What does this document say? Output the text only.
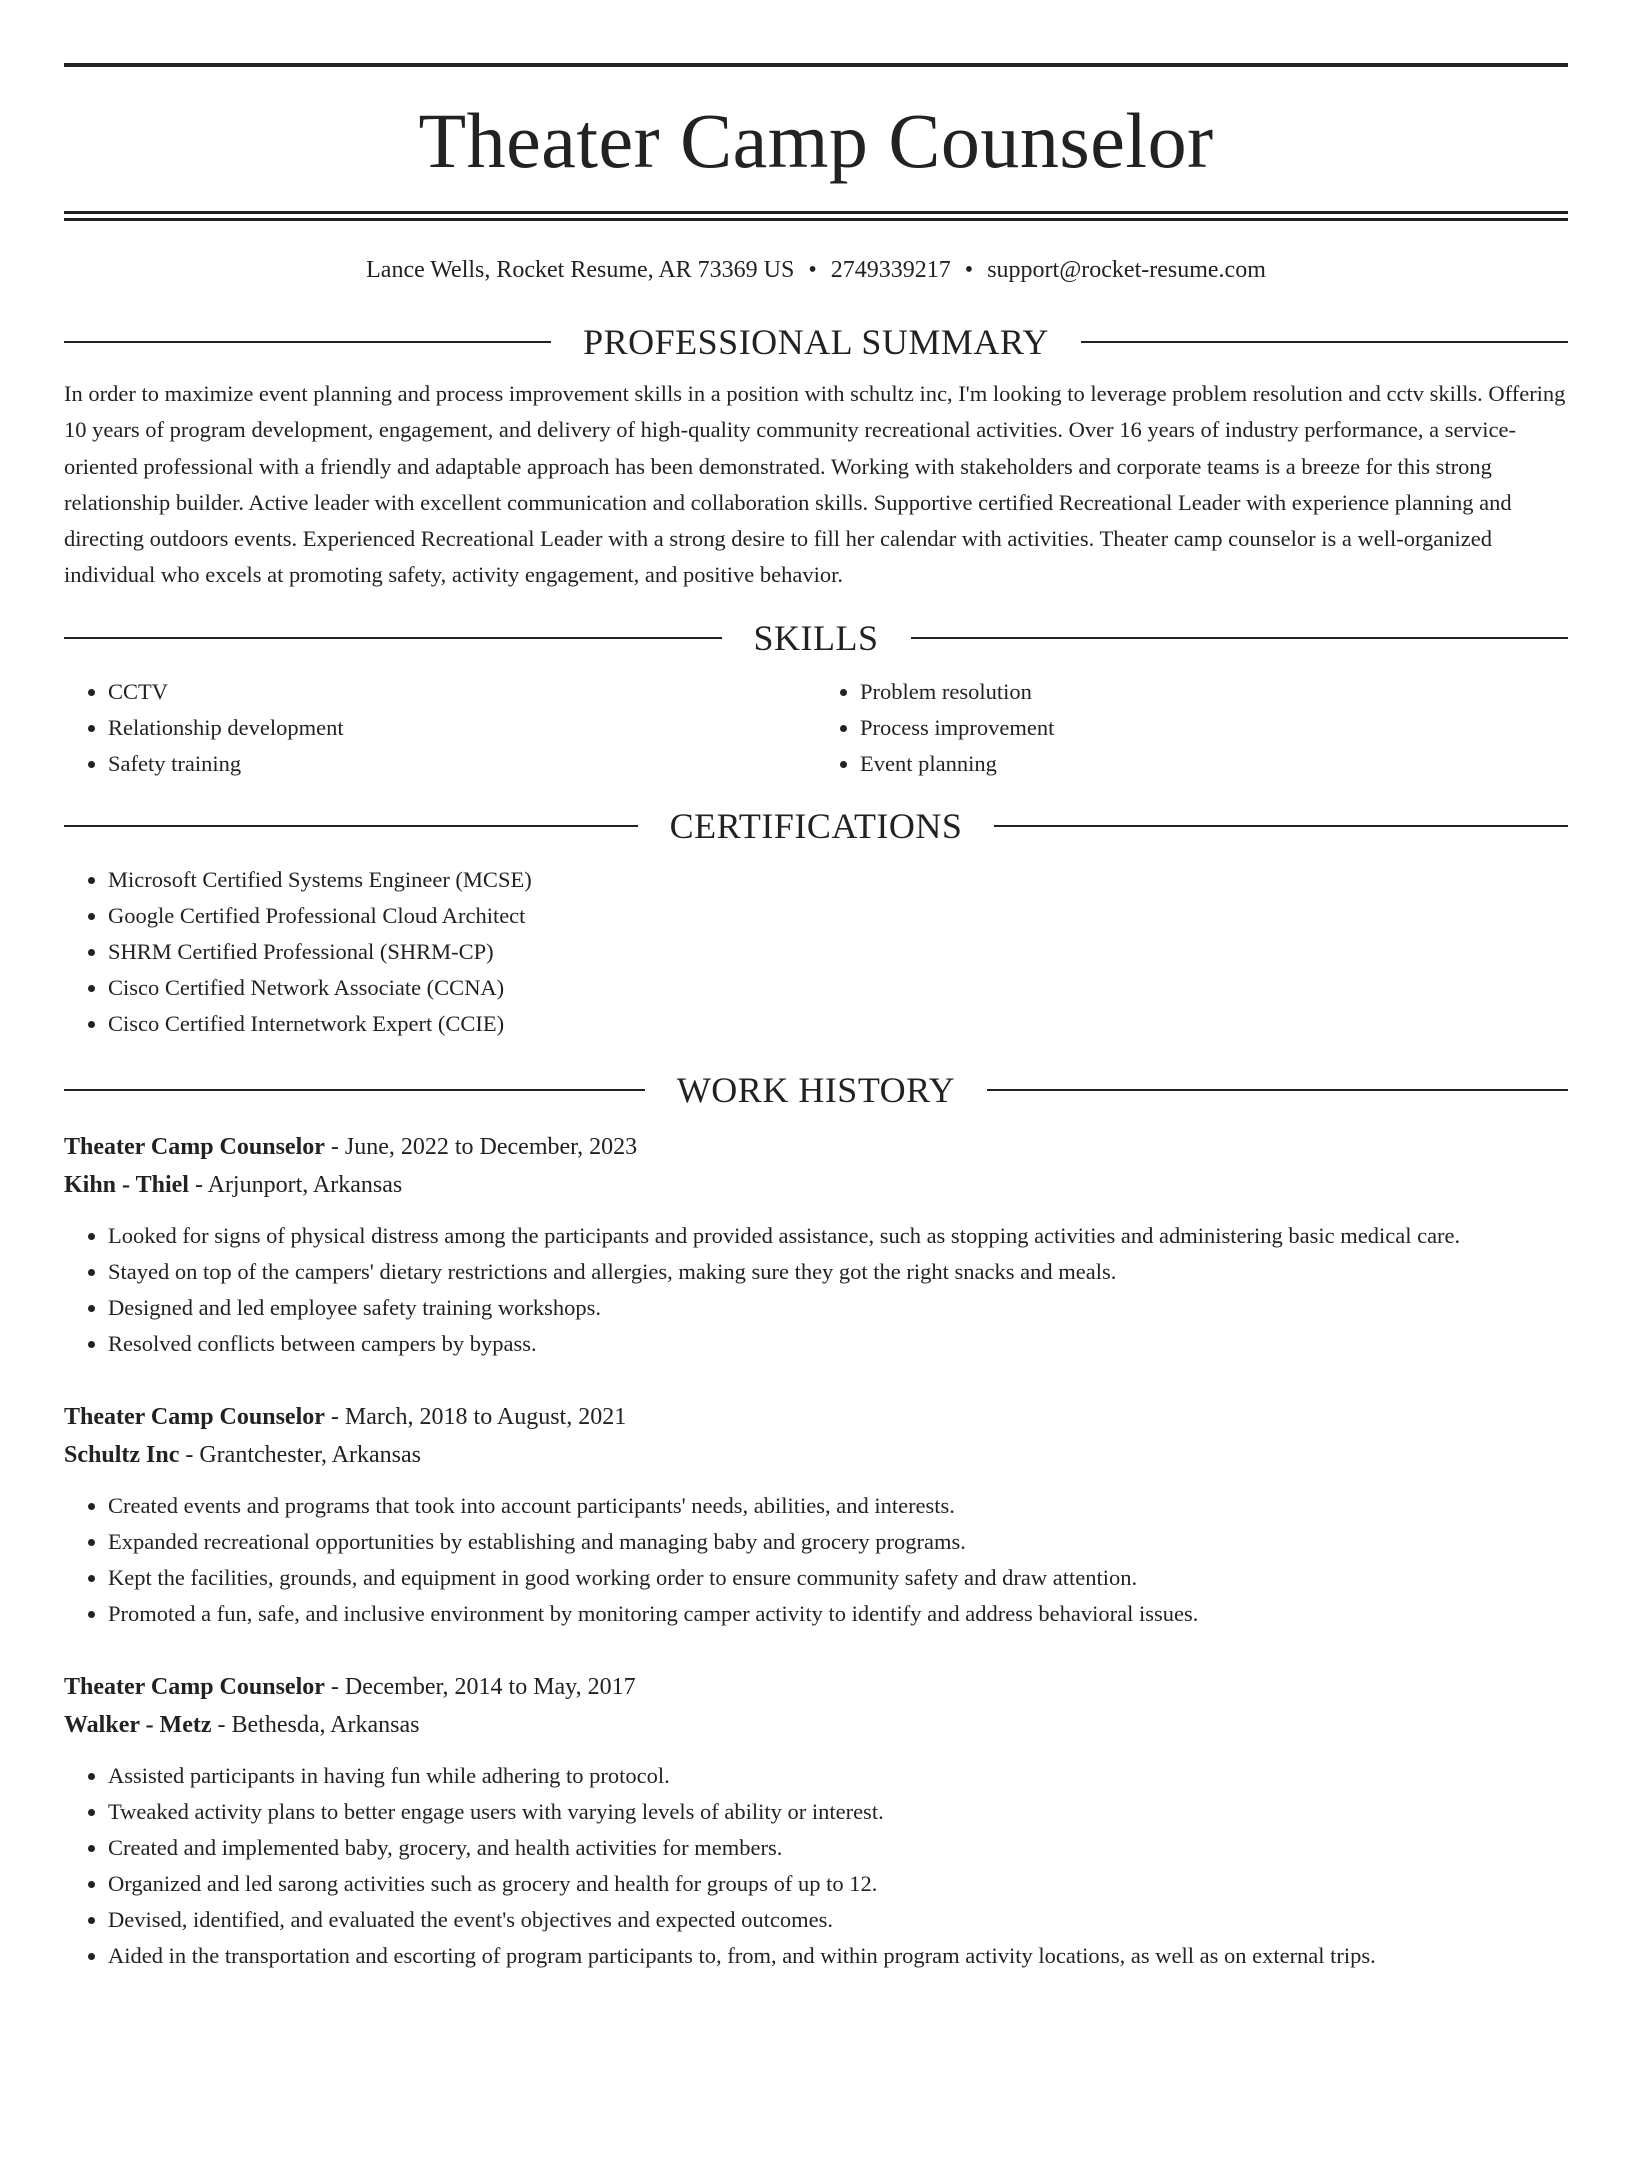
Theater Camp Counselor
Lance Wells, Rocket Resume, AR 73369 US • 2749339217 • support@rocket-resume.com
PROFESSIONAL SUMMARY
In order to maximize event planning and process improvement skills in a position with schultz inc, I'm looking to leverage problem resolution and cctv skills. Offering 10 years of program development, engagement, and delivery of high-quality community recreational activities. Over 16 years of industry performance, a service-oriented professional with a friendly and adaptable approach has been demonstrated. Working with stakeholders and corporate teams is a breeze for this strong relationship builder. Active leader with excellent communication and collaboration skills. Supportive certified Recreational Leader with experience planning and directing outdoors events. Experienced Recreational Leader with a strong desire to fill her calendar with activities. Theater camp counselor is a well-organized individual who excels at promoting safety, activity engagement, and positive behavior.
SKILLS
• CCTV
• Relationship development
• Safety training
• Problem resolution
• Process improvement
• Event planning
CERTIFICATIONS
• Microsoft Certified Systems Engineer (MCSE)
• Google Certified Professional Cloud Architect
• SHRM Certified Professional (SHRM-CP)
• Cisco Certified Network Associate (CCNA)
• Cisco Certified Internetwork Expert (CCIE)
WORK HISTORY
Theater Camp Counselor - June, 2022 to December, 2023
Kihn - Thiel - Arjunport, Arkansas
• Looked for signs of physical distress among the participants and provided assistance, such as stopping activities and administering basic medical care.
• Stayed on top of the campers' dietary restrictions and allergies, making sure they got the right snacks and meals.
• Designed and led employee safety training workshops.
• Resolved conflicts between campers by bypass.
Theater Camp Counselor - March, 2018 to August, 2021
Schultz Inc - Grantchester, Arkansas
• Created events and programs that took into account participants' needs, abilities, and interests.
• Expanded recreational opportunities by establishing and managing baby and grocery programs.
• Kept the facilities, grounds, and equipment in good working order to ensure community safety and draw attention.
• Promoted a fun, safe, and inclusive environment by monitoring camper activity to identify and address behavioral issues.
Theater Camp Counselor - December, 2014 to May, 2017
Walker - Metz - Bethesda, Arkansas
• Assisted participants in having fun while adhering to protocol.
• Tweaked activity plans to better engage users with varying levels of ability or interest.
• Created and implemented baby, grocery, and health activities for members.
• Organized and led sarong activities such as grocery and health for groups of up to 12.
• Devised, identified, and evaluated the event's objectives and expected outcomes.
• Aided in the transportation and escorting of program participants to, from, and within program activity locations, as well as on external trips.
